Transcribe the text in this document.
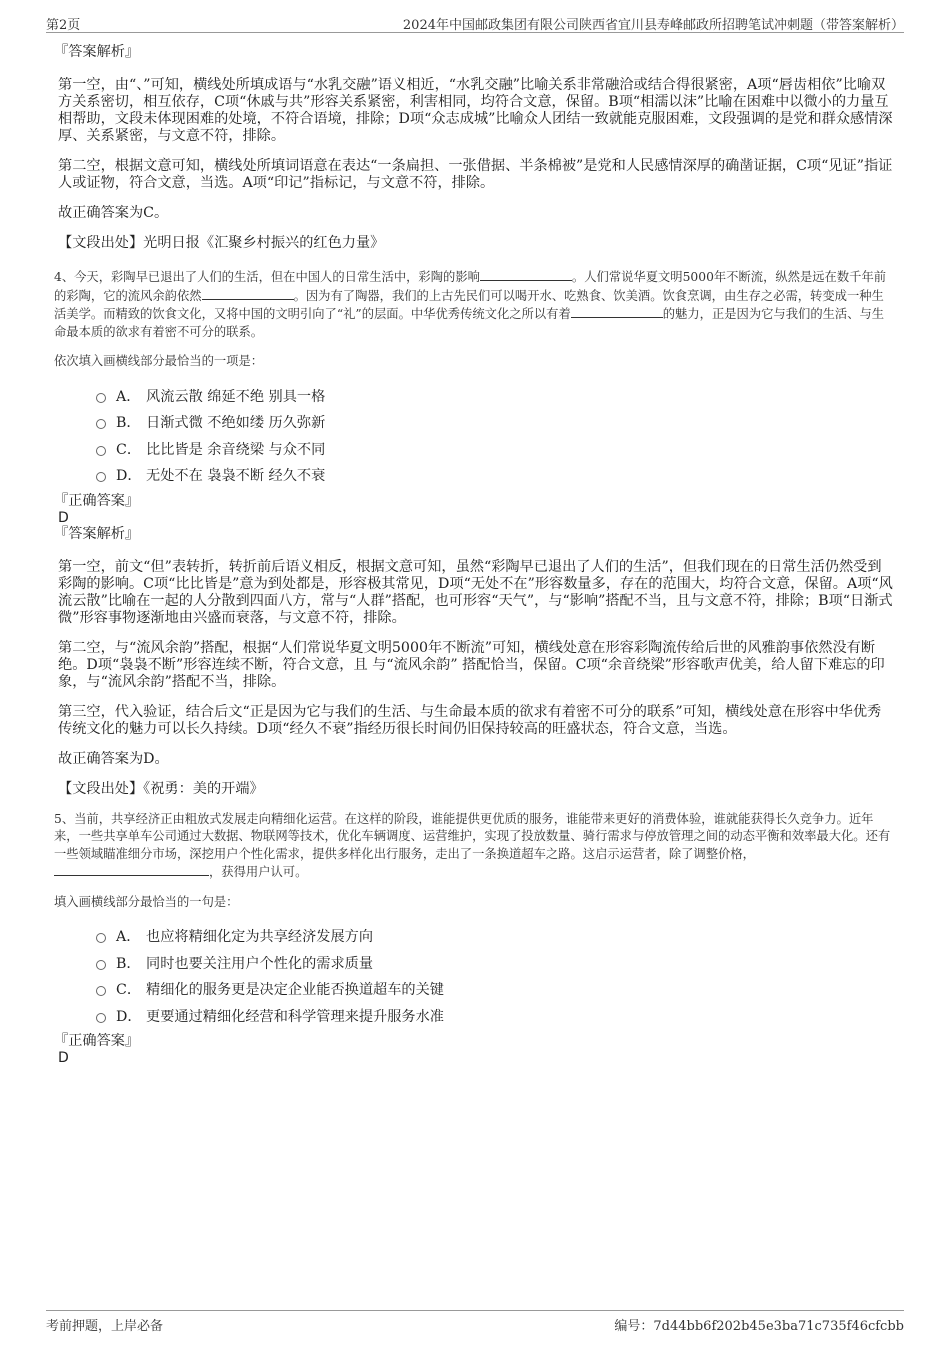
第2页	2024年中国邮政集团有限公司陕西省宜川县寿峰邮政所招聘笔试冲刺题（带答案解析）

『答案解析』

第一空，由“、”可知，横线处所填成语与“水乳交融”语义相近，“水乳交融”比喻关系非常融洽或结合得很紧密，A项“唇齿相依”比喻双方关系密切，相互依存，C项“休戚与共”形容关系紧密，利害相同，均符合文意，保留。B项“相濡以沫”比喻在困难中以微小的力量互相帮助，文段未体现困难的处境，不符合语境，排除；D项“众志成城”比喻众人团结一致就能克服困难，文段强调的是党和群众感情深厚、关系紧密，与文意不符，排除。

第二空，根据文意可知，横线处所填词语意在表达“一条扁担、一张借据、半条棉被”是党和人民感情深厚的确凿证据，C项“见证”指证人或证物，符合文意，当选。A项“印记”指标记，与文意不符，排除。

故正确答案为C。

【文段出处】光明日报《汇聚乡村振兴的红色力量》

4、今天，彩陶早已退出了人们的生活，但在中国人的日常生活中，彩陶的影响	。人们常说华夏文明5000年不断流，纵然是远在数千年前的彩陶，它的流风余韵依然	。因为有了陶器，我们的上古先民们可以喝开水、吃熟食、饮美酒。饮食烹调，由生存之必需，转变成一种生活美学。而精致的饮食文化，又将中国的文明引向了“礼”的层面。中华优秀传统文化之所以有着	的魅力，正是因为它与我们的生活、与生命最本质的欲求有着密不可分的联系。

依次填入画横线部分最恰当的一项是：

A． 风流云散 绵延不绝 别具一格
B． 日渐式微 不绝如缕 历久弥新
C． 比比皆是 余音绕梁 与众不同
D． 无处不在 袅袅不断 经久不衰

『正确答案』

D

『答案解析』

第一空，前文“但”表转折，转折前后语义相反，根据文意可知，虽然“彩陶早已退出了人们的生活”，但我们现在的日常生活仍然受到彩陶的影响。C项“比比皆是”意为到处都是，形容极其常见，D项“无处不在”形容数量多，存在的范围大，均符合文意，保留。A项“风流云散”比喻在一起的人分散到四面八方，常与“人群”搭配，也可形容“天气”，与“影响”搭配不当，且与文意不符，排除；B项“日渐式微”形容事物逐渐地由兴盛而衰落，与文意不符，排除。

第二空，与“流风余韵”搭配，根据“人们常说华夏文明5000年不断流”可知，横线处意在形容彩陶流传给后世的风雅韵事依然没有断绝。D项“袅袅不断”形容连续不断，符合文意，且 与“流风余韵” 搭配恰当，保留。C项“余音绕梁”形容歌声优美，给人留下难忘的印象，与“流风余韵”搭配不当，排除。

第三空，代入验证，结合后文“正是因为它与我们的生活、与生命最本质的欲求有着密不可分的联系”可知，横线处意在形容中华优秀传统文化的魅力可以长久持续。D项“经久不衰”指经历很长时间仍旧保持较高的旺盛状态，符合文意，当选。

故正确答案为D。

【文段出处】《祝勇：美的开端》

5、当前，共享经济正由粗放式发展走向精细化运营。在这样的阶段，谁能提供更优质的服务，谁能带来更好的消费体验，谁就能获得长久竞争力。近年来，一些共享单车公司通过大数据、物联网等技术，优化车辆调度、运营维护，实现了投放数量、骑行需求与停放管理之间的动态平衡和效率最大化。还有一些领域瞄准细分市场，深挖用户个性化需求，提供多样化出行服务，走出了一条换道超车之路。这启示运营者，除了调整价格，，获得用户认可。

填入画横线部分最恰当的一句是：

A． 也应将精细化定为共享经济发展方向
B． 同时也要关注用户个性化的需求质量
C． 精细化的服务更是决定企业能否换道超车的关键
D． 更要通过精细化经营和科学管理来提升服务水准

『正确答案』

D

考前押题，上岸必备	编号：7d44bb6f202b45e3ba71c735f46cfcbb
